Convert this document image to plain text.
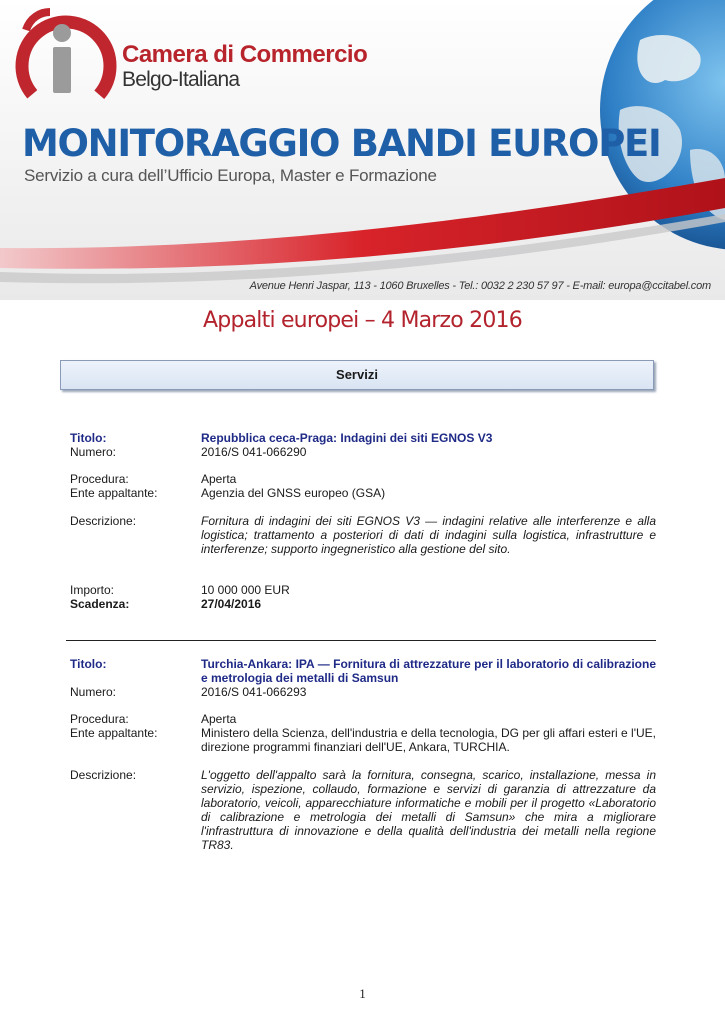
Camera di Commercio
Belgo-Italiana
MONITORAGGIO BANDI EUROPEI
Servizio a cura dell’Ufficio Europa, Master e Formazione
Avenue Henri Jaspar, 113 - 1060 Bruxelles - Tel.: 0032 2 230 57 97 - E-mail: europa@ccitabel.com
Appalti europei – 4 Marzo 2016
Servizi
Titolo:	Repubblica ceca-Praga: Indagini dei siti EGNOS V3
Numero:	2016/S 041-066290
Procedura:	Aperta
Ente appaltante:	Agenzia del GNSS europeo (GSA)
Descrizione:	Fornitura di indagini dei siti EGNOS V3 — indagini relative alle interferenze e alla logistica; trattamento a posteriori di dati di indagini sulla logistica, infrastrutture e interferenze; supporto ingegneristico alla gestione del sito.
Importo:	10 000 000 EUR
Scadenza:	27/04/2016
Titolo:	Turchia-Ankara: IPA — Fornitura di attrezzature per il laboratorio di calibrazione e metrologia dei metalli di Samsun
Numero:	2016/S 041-066293
Procedura:	Aperta
Ente appaltante:	Ministero della Scienza, dell'industria e della tecnologia, DG per gli affari esteri e l'UE, direzione programmi finanziari dell'UE, Ankara, TURCHIA.
Descrizione:	L'oggetto dell'appalto sarà la fornitura, consegna, scarico, installazione, messa in servizio, ispezione, collaudo, formazione e servizi di garanzia di attrezzature da laboratorio, veicoli, apparecchiature informatiche e mobili per il progetto «Laboratorio di calibrazione e metrologia dei metalli di Samsun» che mira a migliorare l'infrastruttura di innovazione e della qualità dell'industria dei metalli nella regione TR83.
1
